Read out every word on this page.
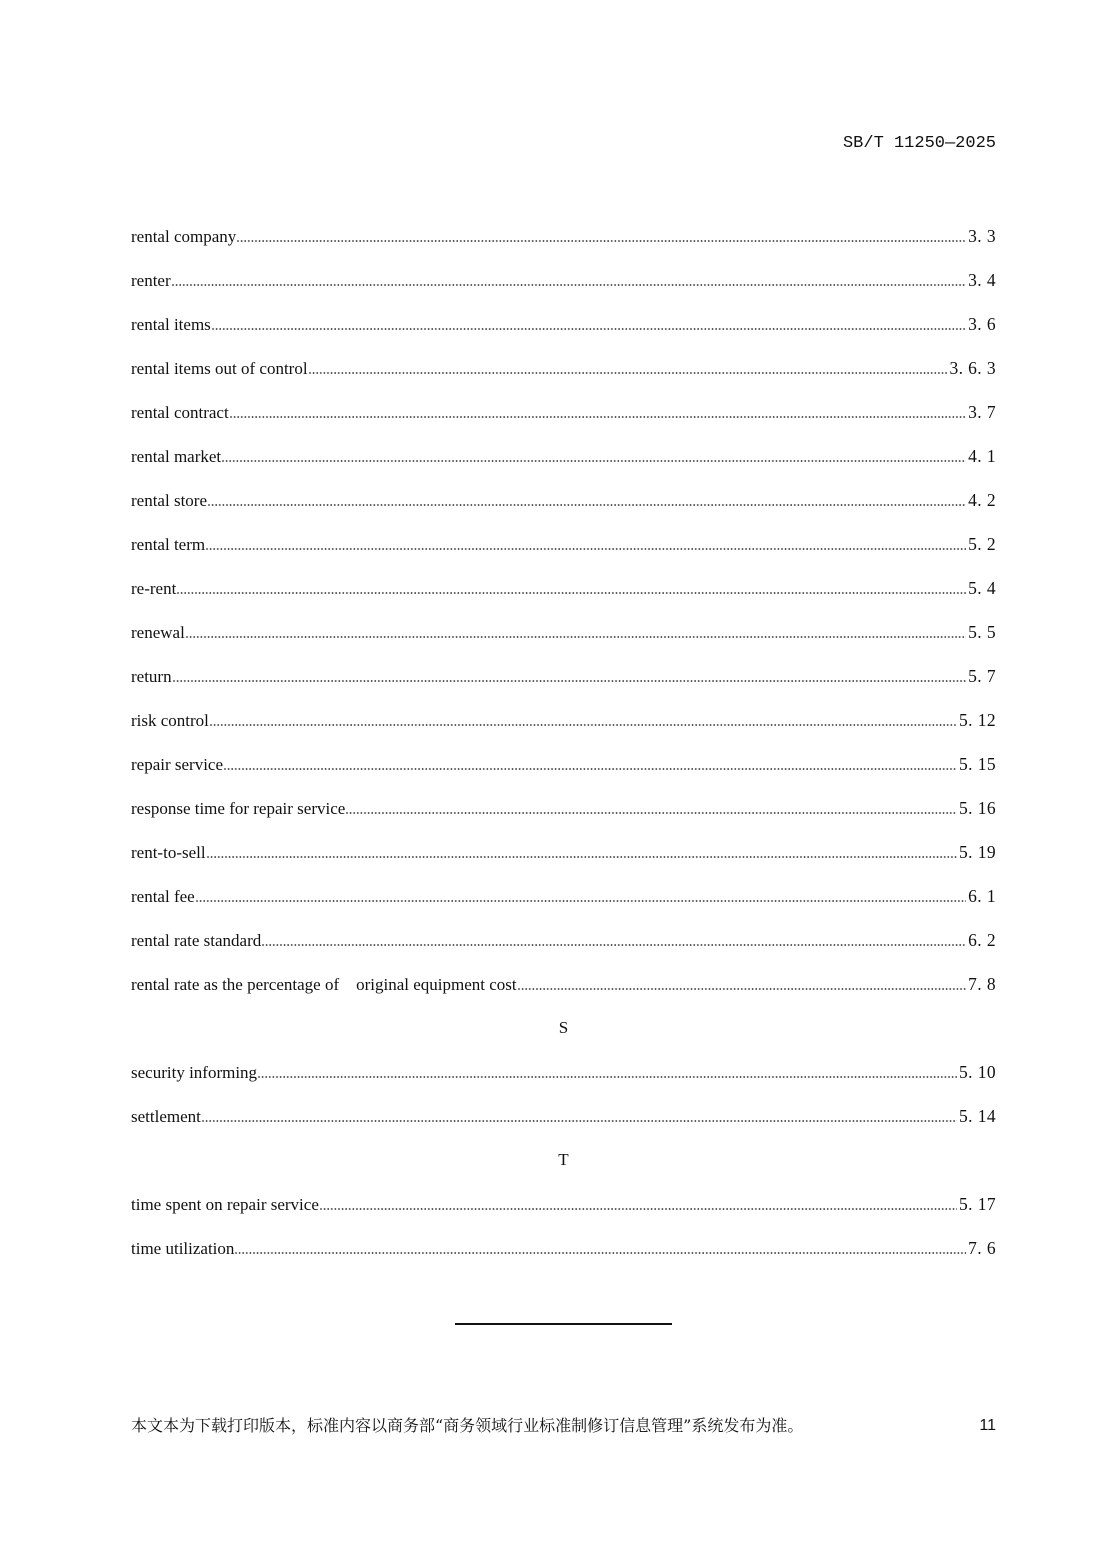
SB/T 11250—2025
rental company	3. 3
renter	3. 4
rental items	3. 6
rental items out of control	3. 6. 3
rental contract	3. 7
rental market	4. 1
rental store	4. 2
rental term	5. 2
re-rent	5. 4
renewal	5. 5
return	5. 7
risk control	5. 12
repair service	5. 15
response time for repair service	5. 16
rent-to-sell	5. 19
rental fee	6. 1
rental rate standard	6. 2
rental rate as the percentage of    original equipment cost	7. 8
S
security informing	5. 10
settlement	5. 14
T
time spent on repair service	5. 17
time utilization	7. 6
本文本为下载打印版本，标准内容以商务部“商务领域行业标准制修订信息管理”系统发布为准。	11
